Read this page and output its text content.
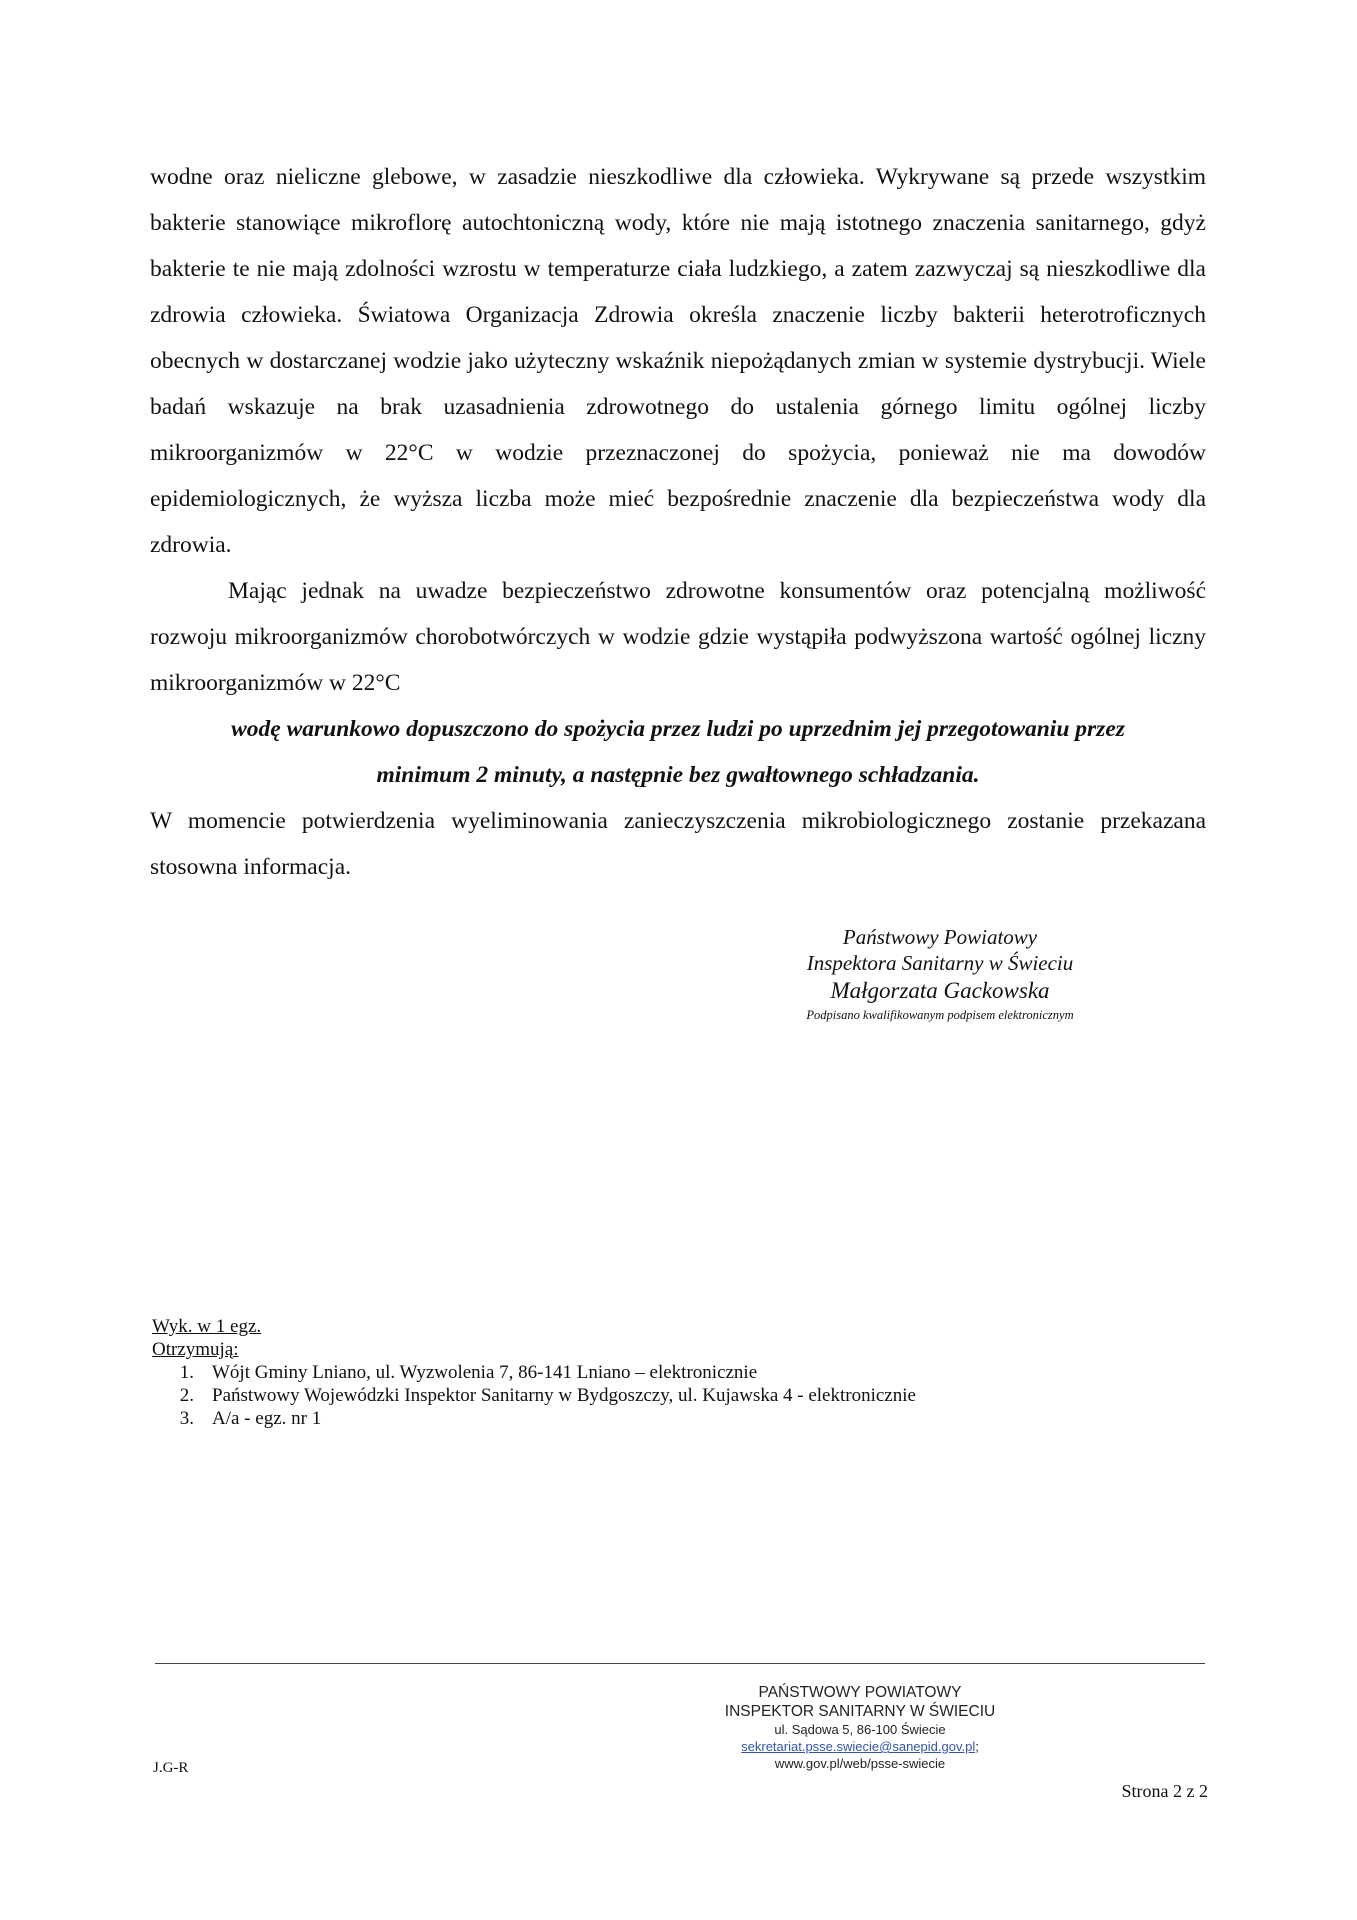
wodne oraz nieliczne glebowe, w zasadzie nieszkodliwe dla człowieka. Wykrywane są przede wszystkim bakterie stanowiące mikroflorę autochtoniczną wody, które nie mają istotnego znaczenia sanitarnego, gdyż bakterie te nie mają zdolności wzrostu w temperaturze ciała ludzkiego, a zatem zazwyczaj są nieszkodliwe dla zdrowia człowieka. Światowa Organizacja Zdrowia określa znaczenie liczby bakterii heterotroficznych obecnych w dostarczanej wodzie jako użyteczny wskaźnik niepożądanych zmian w systemie dystrybucji. Wiele badań wskazuje na brak uzasadnienia zdrowotnego do ustalenia górnego limitu ogólnej liczby mikroorganizmów w 22°C w wodzie przeznaczonej do spożycia, ponieważ nie ma dowodów epidemiologicznych, że wyższa liczba może mieć bezpośrednie znaczenie dla bezpieczeństwa wody dla zdrowia.

Mając jednak na uwadze bezpieczeństwo zdrowotne konsumentów oraz potencjalną możliwość rozwoju mikroorganizmów chorobotwórczych w wodzie gdzie wystąpiła podwyższona wartość ogólnej liczny mikroorganizmów w 22°C

wodę warunkowo dopuszczono do spożycia przez ludzi po uprzednim jej przegotowaniu przez

minimum 2 minuty, a następnie bez gwałtownego schładzania.

W momencie potwierdzenia wyeliminowania zanieczyszczenia mikrobiologicznego zostanie przekazana stosowna informacja.

Państwowy Powiatowy
Inspektora Sanitarny w Świeciu
Małgorzata Gackowska
Podpisano kwalifikowanym podpisem elektronicznym
Wyk. w 1 egz.
Otrzymują:
1. Wójt Gminy Lniano, ul. Wyzwolenia 7, 86-141 Lniano – elektronicznie
2. Państwowy Wojewódzki Inspektor Sanitarny w Bydgoszczy, ul. Kujawska 4 - elektronicznie
3. A/a - egz. nr 1
PAŃSTWOWY POWIATOWY
INSPEKTOR SANITARNY W ŚWIECIU
ul. Sądowa 5, 86-100 Świecie
sekretariat.psse.swiecie@sanepid.gov.pl; www.gov.pl/web/psse-swiecie
J.G-R
Strona 2 z 2
